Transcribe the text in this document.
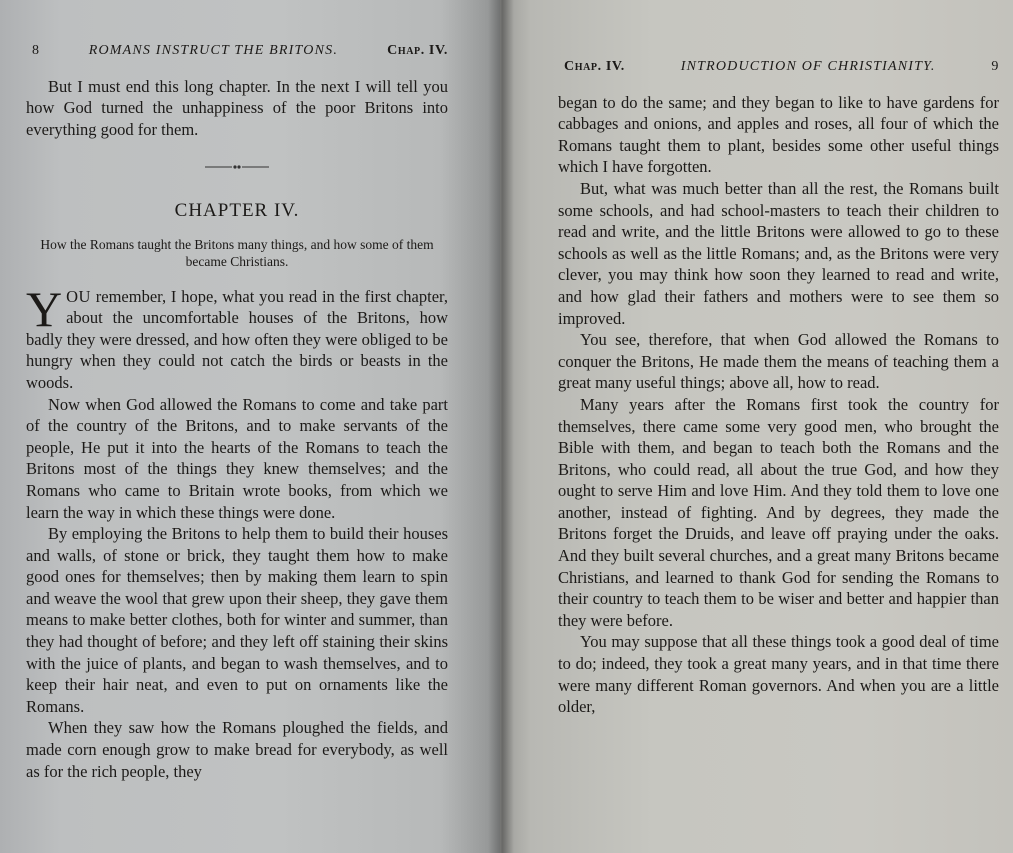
8	ROMANS INSTRUCT THE BRITONS.	Chap. IV.

But I must end this long chapter. In the next I will tell you how God turned the unhappiness of the poor Britons into everything good for them.

CHAPTER IV.
How the Romans taught the Britons many things, and how some of them became Christians.

YOU remember, I hope, what you read in the first chapter, about the uncomfortable houses of the Britons, how badly they were dressed, and how often they were obliged to be hungry when they could not catch the birds or beasts in the woods.

Now when God allowed the Romans to come and take part of the country of the Britons, and to make servants of the people, He put it into the hearts of the Romans to teach the Britons most of the things they knew themselves; and the Romans who came to Britain wrote books, from which we learn the way in which these things were done.

By employing the Britons to help them to build their houses and walls, of stone or brick, they taught them how to make good ones for themselves; then by making them learn to spin and weave the wool that grew upon their sheep, they gave them means to make better clothes, both for winter and summer, than they had thought of before; and they left off staining their skins with the juice of plants, and began to wash themselves, and to keep their hair neat, and even to put on ornaments like the Romans.

When they saw how the Romans ploughed the fields, and made corn enough grow to make bread for everybody, as well as for the rich people, they

Chap. IV.	INTRODUCTION OF CHRISTIANITY.	9

began to do the same; and they began to like to have gardens for cabbages and onions, and apples and roses, all four of which the Romans taught them to plant, besides some other useful things which I have forgotten.

But, what was much better than all the rest, the Romans built some schools, and had school-masters to teach their children to read and write, and the little Britons were allowed to go to these schools as well as the little Romans; and, as the Britons were very clever, you may think how soon they learned to read and write, and how glad their fathers and mothers were to see them so improved.

You see, therefore, that when God allowed the Romans to conquer the Britons, He made them the means of teaching them a great many useful things; above all, how to read.

Many years after the Romans first took the country for themselves, there came some very good men, who brought the Bible with them, and began to teach both the Romans and the Britons, who could read, all about the true God, and how they ought to serve Him and love Him. And they told them to love one another, instead of fighting. And by degrees, they made the Britons forget the Druids, and leave off praying under the oaks. And they built several churches, and a great many Britons became Christians, and learned to thank God for sending the Romans to their country to teach them to be wiser and better and happier than they were before.

You may suppose that all these things took a good deal of time to do; indeed, they took a great many years, and in that time there were many different Roman governors. And when you are a little older,
